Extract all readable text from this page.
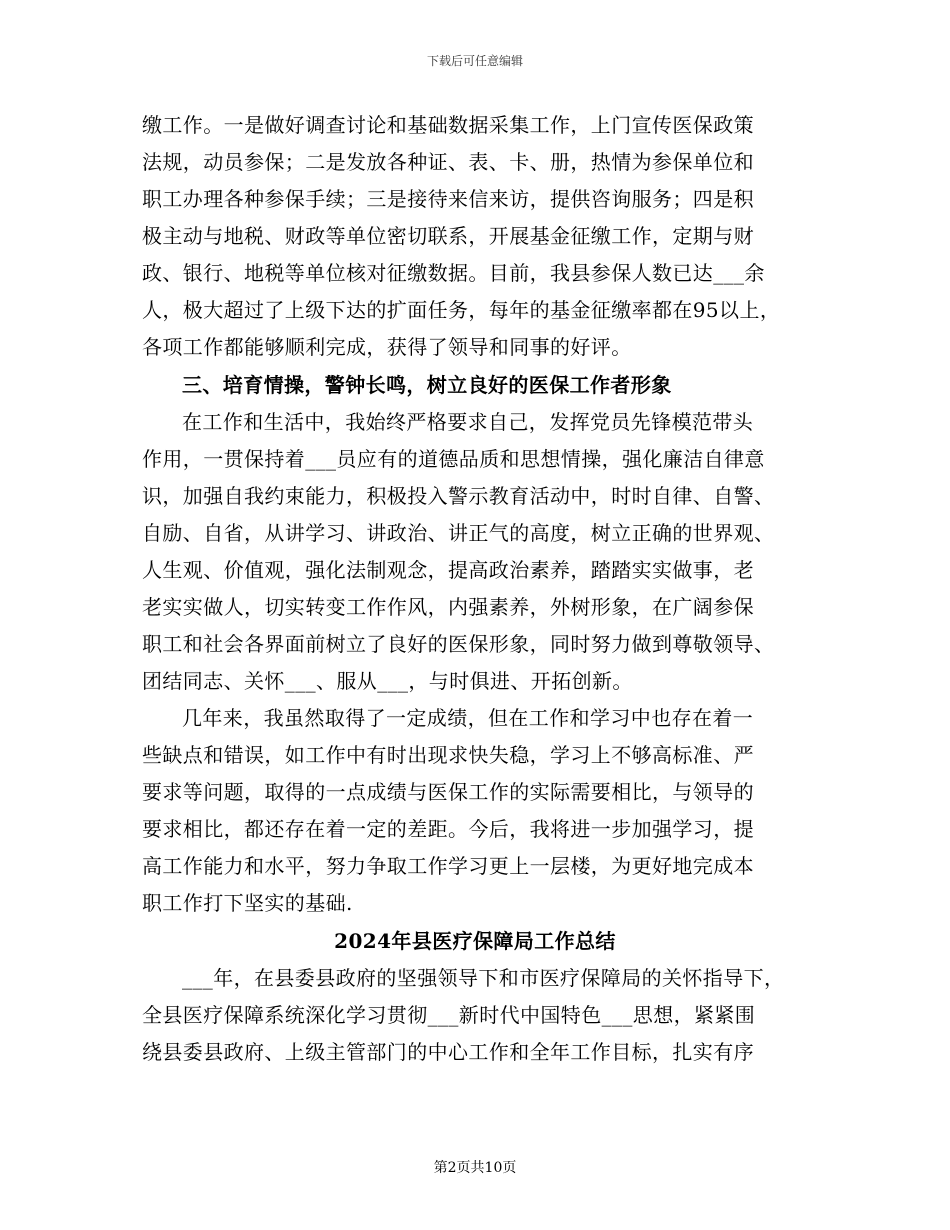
下载后可任意编辑
缴工作。一是做好调查讨论和基础数据采集工作，上门宣传医保政策
法规，动员参保；二是发放各种证、表、卡、册，热情为参保单位和
职工办理各种参保手续；三是接待来信来访，提供咨询服务；四是积
极主动与地税、财政等单位密切联系，开展基金征缴工作，定期与财
政、银行、地税等单位核对征缴数据。目前，我县参保人数已达___余
人，极大超过了上级下达的扩面任务，每年的基金征缴率都在95以上，
各项工作都能够顺利完成，获得了领导和同事的好评。
三、培育情操，警钟长鸣，树立良好的医保工作者形象
在工作和生活中，我始终严格要求自己，发挥党员先锋模范带头
作用，一贯保持着___员应有的道德品质和思想情操，强化廉洁自律意
识，加强自我约束能力，积极投入警示教育活动中，时时自律、自警、
自励、自省，从讲学习、讲政治、讲正气的高度，树立正确的世界观、
人生观、价值观，强化法制观念，提高政治素养，踏踏实实做事，老
老实实做人，切实转变工作作风，内强素养，外树形象，在广阔参保
职工和社会各界面前树立了良好的医保形象，同时努力做到尊敬领导、
团结同志、关怀___、服从___，与时俱进、开拓创新。
几年来，我虽然取得了一定成绩，但在工作和学习中也存在着一
些缺点和错误，如工作中有时出现求快失稳，学习上不够高标准、严
要求等问题，取得的一点成绩与医保工作的实际需要相比，与领导的
要求相比，都还存在着一定的差距。今后，我将进一步加强学习，提
高工作能力和水平，努力争取工作学习更上一层楼，为更好地完成本
职工作打下坚实的基础.
2024年县医疗保障局工作总结
___年，在县委县政府的坚强领导下和市医疗保障局的关怀指导下，
全县医疗保障系统深化学习贯彻___新时代中国特色___思想，紧紧围
绕县委县政府、上级主管部门的中心工作和全年工作目标，扎实有序
第2页共10页
